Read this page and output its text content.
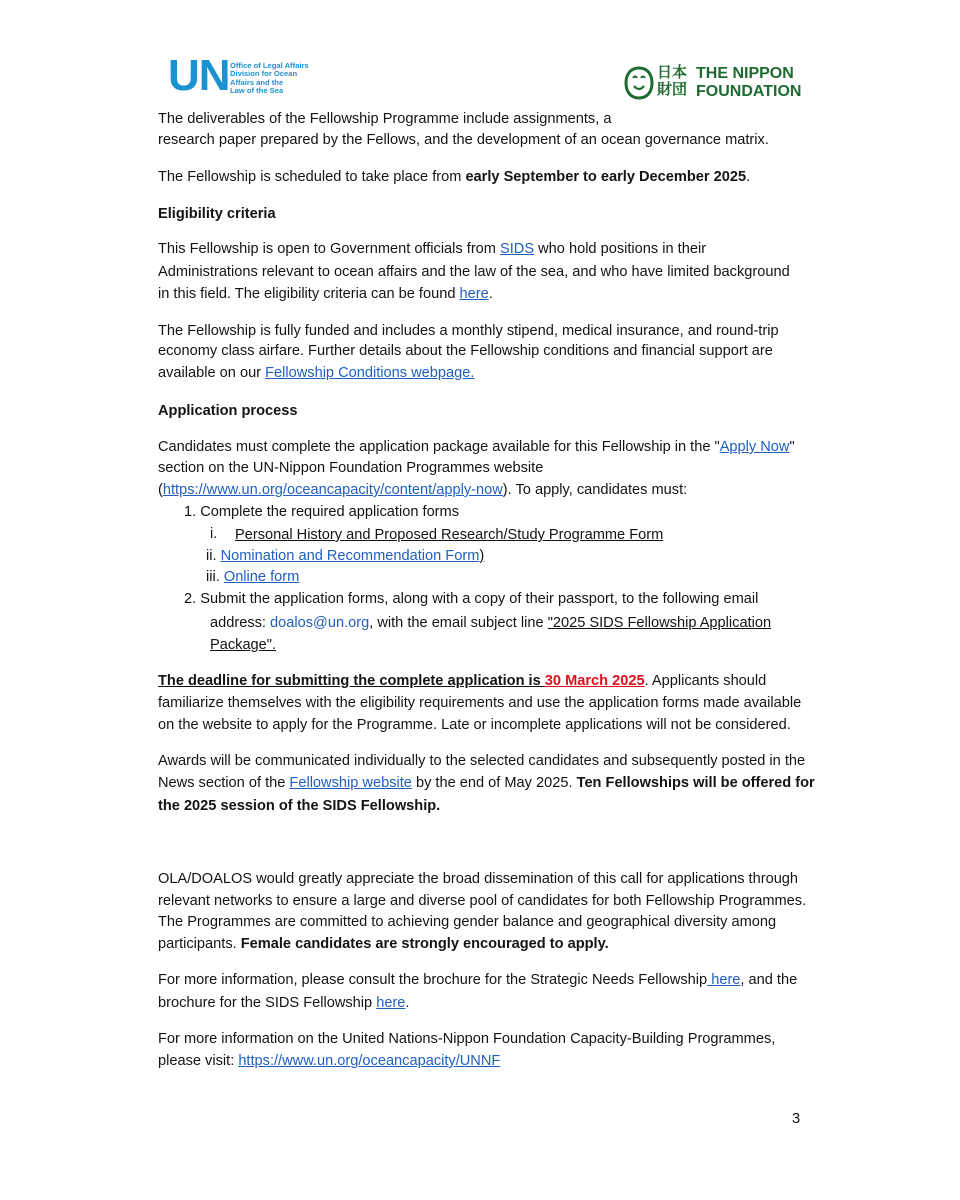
UN Office of Legal Affairs
Division for Ocean
Affairs and the
Law of the Sea
日本
財団
THE NIPPON
FOUNDATION
The deliverables of the Fellowship Programme include assignments, a
research paper prepared by the Fellows, and the development of an ocean governance matrix.
The Fellowship is scheduled to take place from early September to early December 2025.
Eligibility criteria
This Fellowship is open to Government officials from SIDS who hold positions in their
Administrations relevant to ocean affairs and the law of the sea, and who have limited background
in this field. The eligibility criteria can be found here.
The Fellowship is fully funded and includes a monthly stipend, medical insurance, and round-trip
economy class airfare. Further details about the Fellowship conditions and financial support are
available on our Fellowship Conditions webpage.
Application process
Candidates must complete the application package available for this Fellowship in the "Apply Now"
section on the UN-Nippon Foundation Programmes website
(https://www.un.org/oceancapacity/content/apply-now). To apply, candidates must:
1. Complete the required application forms
i. Personal History and Proposed Research/Study Programme Form
ii. Nomination and Recommendation Form)
iii. Online form
2. Submit the application forms, along with a copy of their passport, to the following email
address: doalos@un.org, with the email subject line "2025 SIDS Fellowship Application
Package".
The deadline for submitting the complete application is 30 March 2025. Applicants should
familiarize themselves with the eligibility requirements and use the application forms made available
on the website to apply for the Programme. Late or incomplete applications will not be considered.
Awards will be communicated individually to the selected candidates and subsequently posted in the
News section of the Fellowship website by the end of May 2025. Ten Fellowships will be offered for
the 2025 session of the SIDS Fellowship.
OLA/DOALOS would greatly appreciate the broad dissemination of this call for applications through
relevant networks to ensure a large and diverse pool of candidates for both Fellowship Programmes.
The Programmes are committed to achieving gender balance and geographical diversity among
participants. Female candidates are strongly encouraged to apply.
For more information, please consult the brochure for the Strategic Needs Fellowship here, and the
brochure for the SIDS Fellowship here.
For more information on the United Nations-Nippon Foundation Capacity-Building Programmes,
please visit: https://www.un.org/oceancapacity/UNNF
3
